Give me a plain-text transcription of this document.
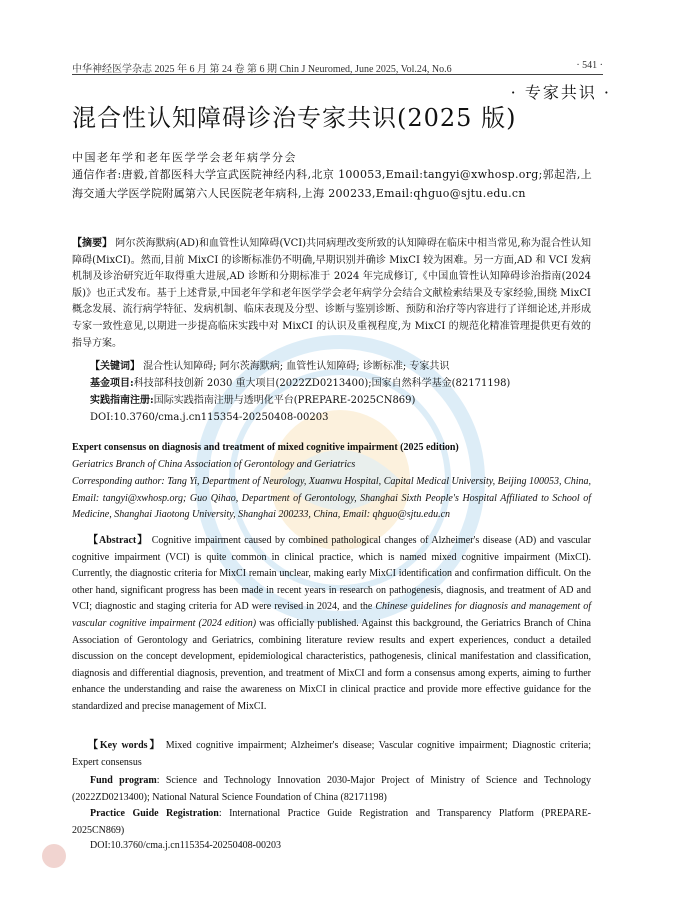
中华神经医学杂志 2025 年 6 月 第 24 卷 第 6 期 Chin J Neuromed, June 2025, Vol.24, No.6	· 541 ·
· 专家共识 ·
混合性认知障碍诊治专家共识(2025 版)
中国老年学和老年医学学会老年病学分会
通信作者:唐毅,首都医科大学宣武医院神经内科,北京 100053,Email:tangyi@xwhosp.org;郭起浩,上海交通大学医学院附属第六人民医院老年病科,上海 200233,Email:qhguo@sjtu.edu.cn
【摘要】 阿尔茨海默病(AD)和血管性认知障碍(VCI)共同病理改变所致的认知障碍在临床中相当常见,称为混合性认知障碍(MixCI)。然而,目前 MixCI 的诊断标准仍不明确,早期识别并确诊 MixCI 较为困难。另一方面,AD 和 VCI 发病机制及诊治研究近年取得重大进展,AD 诊断和分期标准于 2024 年完成修订,《中国血管性认知障碍诊治指南(2024 版)》也正式发布。基于上述背景,中国老年学和老年医学学会老年病学分会结合文献检索结果及专家经验,围绕 MixCI 概念发展、流行病学特征、发病机制、临床表现及分型、诊断与鉴别诊断、预防和治疗等内容进行了详细论述,并形成专家一致性意见,以期进一步提高临床实践中对 MixCI 的认识及重视程度,为 MixCI 的规范化精准管理提供更有效的指导方案。
【关键词】 混合性认知障碍; 阿尔茨海默病; 血管性认知障碍; 诊断标准; 专家共识
基金项目:科技部科技创新 2030 重大项目(2022ZD0213400);国家自然科学基金(82171198)
实践指南注册:国际实践指南注册与透明化平台(PREPARE-2025CN869)
DOI:10.3760/cma.j.cn115354-20250408-00203
Expert consensus on diagnosis and treatment of mixed cognitive impairment (2025 edition)
Geriatrics Branch of China Association of Gerontology and Geriatrics
Corresponding author: Tang Yi, Department of Neurology, Xuanwu Hospital, Capital Medical University, Beijing 100053, China, Email: tangyi@xwhosp.org; Guo Qihao, Department of Gerontology, Shanghai Sixth People's Hospital Affiliated to School of Medicine, Shanghai Jiaotong University, Shanghai 200233, China, Email: qhguo@sjtu.edu.cn
【Abstract】 Cognitive impairment caused by combined pathological changes of Alzheimer's disease (AD) and vascular cognitive impairment (VCI) is quite common in clinical practice, which is named mixed cognitive impairment (MixCI). Currently, the diagnostic criteria for MixCI remain unclear, making early MixCI identification and confirmation difficult. On the other hand, significant progress has been made in recent years in research on pathogenesis, diagnosis, and treatment of AD and VCI; diagnostic and staging criteria for AD were revised in 2024, and the Chinese guidelines for diagnosis and management of vascular cognitive impairment (2024 edition) was officially published. Against this background, the Geriatrics Branch of China Association of Gerontology and Geriatrics, combining literature review results and expert experiences, conduct a detailed discussion on the concept development, epidemiological characteristics, pathogenesis, clinical manifestation and classification, diagnosis and differential diagnosis, prevention, and treatment of MixCI and form a consensus among experts, aiming to further enhance the understanding and raise the awareness on MixCI in clinical practice and provide more effective guidance for the standardized and precise management of MixCI.
【Key words】 Mixed cognitive impairment; Alzheimer's disease; Vascular cognitive impairment; Diagnostic criteria; Expert consensus
Fund program: Science and Technology Innovation 2030-Major Project of Ministry of Science and Technology (2022ZD0213400); National Natural Science Foundation of China (82171198)
Practice Guide Registration: International Practice Guide Registration and Transparency Platform (PREPARE-2025CN869)
DOI:10.3760/cma.j.cn115354-20250408-00203
